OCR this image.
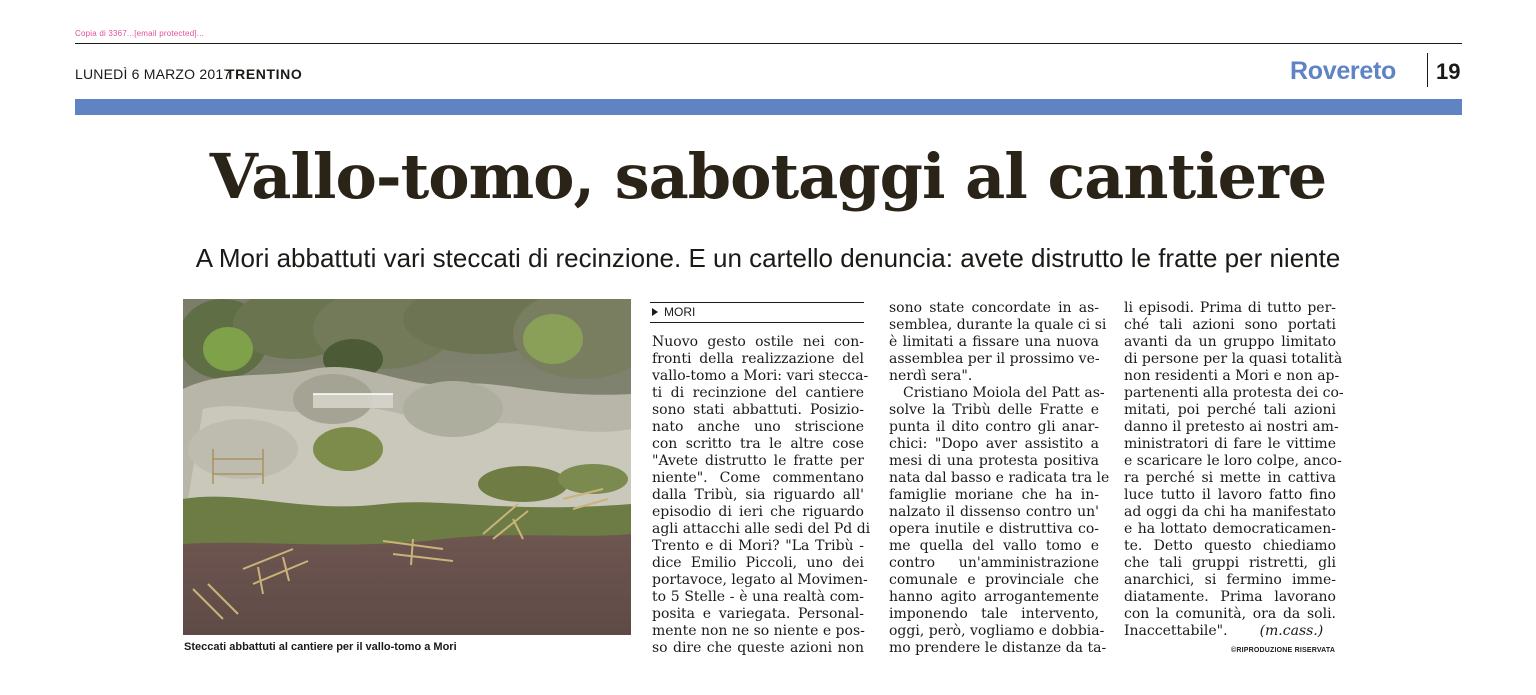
Copia di 3367...[email protected]...
LUNEDÌ 6 MARZO 2017
TRENTINO	Rovereto 19
Vallo-tomo, sabotaggi al cantiere
A Mori abbattuti vari steccati di recinzione. E un cartello denuncia: avete distrutto le fratte per niente
Steccati abbattuti al cantiere per il vallo-tomo a Mori
MORI
Nuovo gesto ostile nei con-
fronti della realizzazione del
vallo-tomo a Mori: vari stecca-
ti di recinzione del cantiere
sono stati abbattuti. Posizio-
nato anche uno striscione
con scritto tra le altre cose
"Avete distrutto le fratte per
niente". Come commentano
dalla Tribù, sia riguardo all'
episodio di ieri che riguardo
agli attacchi alle sedi del Pd di
Trento e di Mori? "La Tribù -
dice Emilio Piccoli, uno dei
portavoce, legato al Movimen-
to 5 Stelle - è una realtà com-
posita e variegata. Personal-
mente non ne so niente e pos-
so dire che queste azioni non
sono state concordate in as-
semblea, durante la quale ci si
è limitati a fissare una nuova
assemblea per il prossimo ve-
nerdì sera".
Cristiano Moiola del Patt as-
solve la Tribù delle Fratte e
punta il dito contro gli anar-
chici: "Dopo aver assistito a
mesi di una protesta positiva
nata dal basso e radicata tra le
famiglie moriane che ha in-
nalzato il dissenso contro un'
opera inutile e distruttiva co-
me quella del vallo tomo e
contro un'amministrazione
comunale e provinciale che
hanno agito arrogantemente
imponendo tale intervento,
oggi, però, vogliamo e dobbia-
mo prendere le distanze da ta-
li episodi. Prima di tutto per-
ché tali azioni sono portati
avanti da un gruppo limitato
di persone per la quasi totalità
non residenti a Mori e non ap-
partenenti alla protesta dei co-
mitati, poi perché tali azioni
danno il pretesto ai nostri am-
ministratori di fare le vittime
e scaricare le loro colpe, anco-
ra perché si mette in cattiva
luce tutto il lavoro fatto fino
ad oggi da chi ha manifestato
e ha lottato democraticamen-
te. Detto questo chiediamo
che tali gruppi ristretti, gli
anarchici, si fermino imme-
diatamente. Prima lavorano
con la comunità, ora da soli.
Inaccettabile". (m.cass.)
©RIPRODUZIONE RISERVATA
